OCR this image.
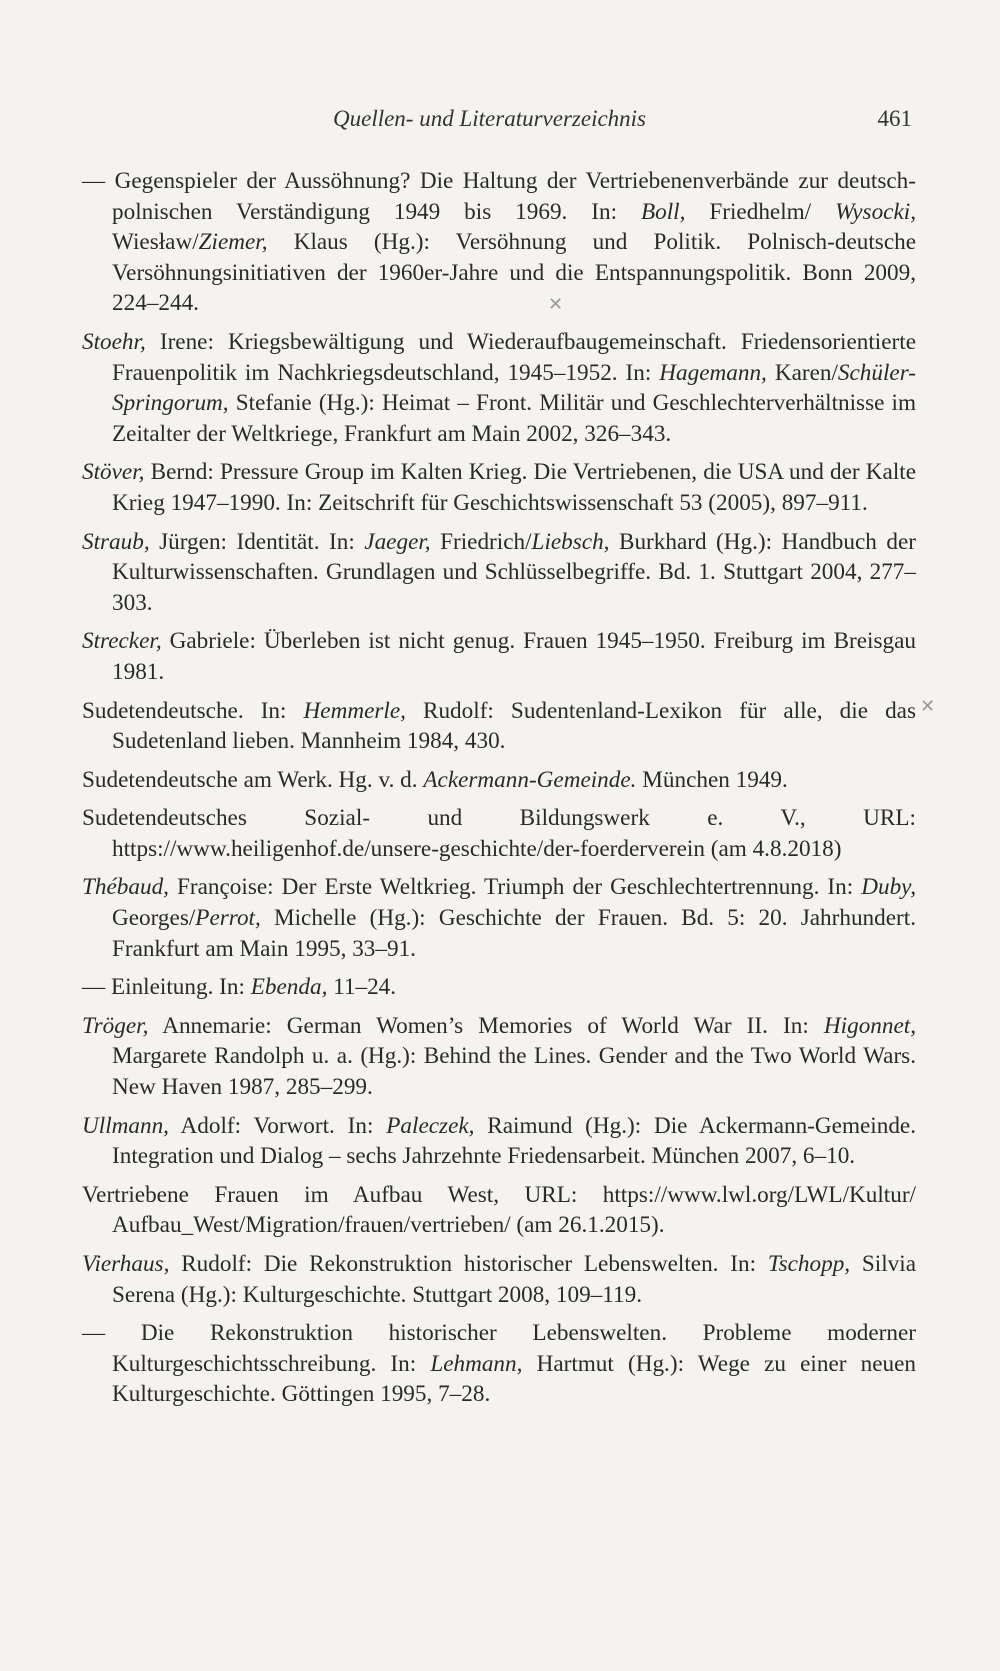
Quellen- und Literaturverzeichnis	461

— Gegenspieler der Aussöhnung? Die Haltung der Vertriebenenverbände zur deutsch-polnischen Verständigung 1949 bis 1969. In: Boll, Friedhelm/ Wysocki, Wiesław/Ziemer, Klaus (Hg.): Versöhnung und Politik. Polnisch-deutsche Versöhnungsinitiativen der 1960er-Jahre und die Entspannungspolitik. Bonn 2009, 224–244.

Stoehr, Irene: Kriegsbewältigung und Wiederaufbaugemeinschaft. Friedensorientierte Frauenpolitik im Nachkriegsdeutschland, 1945–1952. In: Hagemann, Karen/Schüler-Springorum, Stefanie (Hg.): Heimat – Front. Militär und Geschlechterverhältnisse im Zeitalter der Weltkriege, Frankfurt am Main 2002, 326–343.

Stöver, Bernd: Pressure Group im Kalten Krieg. Die Vertriebenen, die USA und der Kalte Krieg 1947–1990. In: Zeitschrift für Geschichtswissenschaft 53 (2005), 897–911.

Straub, Jürgen: Identität. In: Jaeger, Friedrich/Liebsch, Burkhard (Hg.): Handbuch der Kulturwissenschaften. Grundlagen und Schlüsselbegriffe. Bd. 1. Stuttgart 2004, 277–303.

Strecker, Gabriele: Überleben ist nicht genug. Frauen 1945–1950. Freiburg im Breisgau 1981.

Sudetendeutsche. In: Hemmerle, Rudolf: Sudentenland-Lexikon für alle, die das Sudetenland lieben. Mannheim 1984, 430.

Sudetendeutsche am Werk. Hg. v. d. Ackermann-Gemeinde. München 1949.

Sudetendeutsches Sozial- und Bildungswerk e. V., URL: https://www.heiligenhof.de/unsere-geschichte/der-foerderverein (am 4.8.2018)

Thébaud, Françoise: Der Erste Weltkrieg. Triumph der Geschlechtertrennung. In: Duby, Georges/Perrot, Michelle (Hg.): Geschichte der Frauen. Bd. 5: 20. Jahrhundert. Frankfurt am Main 1995, 33–91.

— Einleitung. In: Ebenda, 11–24.

Tröger, Annemarie: German Women’s Memories of World War II. In: Higonnet, Margarete Randolph u. a. (Hg.): Behind the Lines. Gender and the Two World Wars. New Haven 1987, 285–299.

Ullmann, Adolf: Vorwort. In: Paleczek, Raimund (Hg.): Die Ackermann-Gemeinde. Integration und Dialog – sechs Jahrzehnte Friedensarbeit. München 2007, 6–10.

Vertriebene Frauen im Aufbau West, URL: https://www.lwl.org/LWL/Kultur/ Aufbau_West/Migration/frauen/vertrieben/ (am 26.1.2015).

Vierhaus, Rudolf: Die Rekonstruktion historischer Lebenswelten. In: Tschopp, Silvia Serena (Hg.): Kulturgeschichte. Stuttgart 2008, 109–119.

— Die Rekonstruktion historischer Lebenswelten. Probleme moderner Kulturgeschichtsschreibung. In: Lehmann, Hartmut (Hg.): Wege zu einer neuen Kulturgeschichte. Göttingen 1995, 7–28.

✕
✕
